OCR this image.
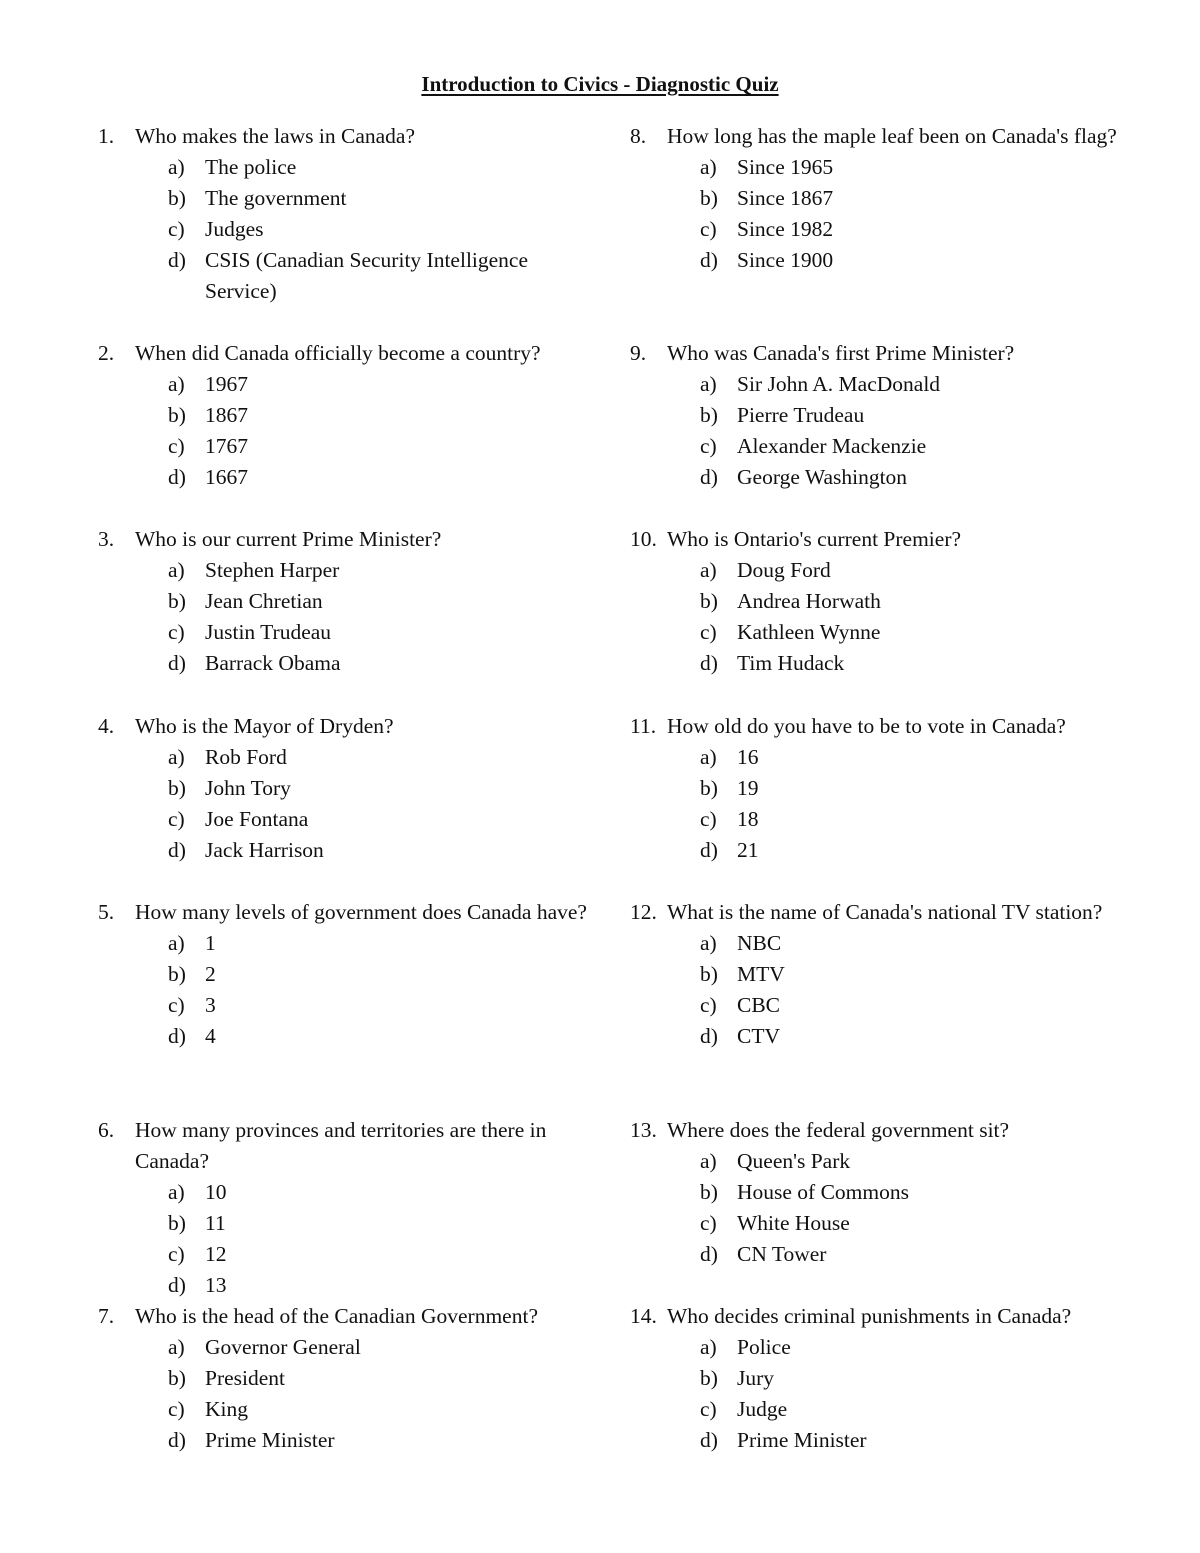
Introduction to Civics - Diagnostic Quiz
1. Who makes the laws in Canada?
a) The police
b) The government
c) Judges
d) CSIS (Canadian Security Intelligence Service)
2. When did Canada officially become a country?
a) 1967
b) 1867
c) 1767
d) 1667
3. Who is our current Prime Minister?
a) Stephen Harper
b) Jean Chretian
c) Justin Trudeau
d) Barrack Obama
4. Who is the Mayor of Dryden?
a) Rob Ford
b) John Tory
c) Joe Fontana
d) Jack Harrison
5. How many levels of government does Canada have?
a) 1
b) 2
c) 3
d) 4
6. How many provinces and territories are there in Canada?
a) 10
b) 11
c) 12
d) 13
7. Who is the head of the Canadian Government?
a) Governor General
b) President
c) King
d) Prime Minister
8. How long has the maple leaf been on Canada's flag?
a) Since 1965
b) Since 1867
c) Since 1982
d) Since 1900
9. Who was Canada's first Prime Minister?
a) Sir John A. MacDonald
b) Pierre Trudeau
c) Alexander Mackenzie
d) George Washington
10. Who is Ontario's current Premier?
a) Doug Ford
b) Andrea Horwath
c) Kathleen Wynne
d) Tim Hudack
11. How old do you have to be to vote in Canada?
a) 16
b) 19
c) 18
d) 21
12. What is the name of Canada's national TV station?
a) NBC
b) MTV
c) CBC
d) CTV
13. Where does the federal government sit?
a) Queen's Park
b) House of Commons
c) White House
d) CN Tower
14. Who decides criminal punishments in Canada?
a) Police
b) Jury
c) Judge
d) Prime Minister
